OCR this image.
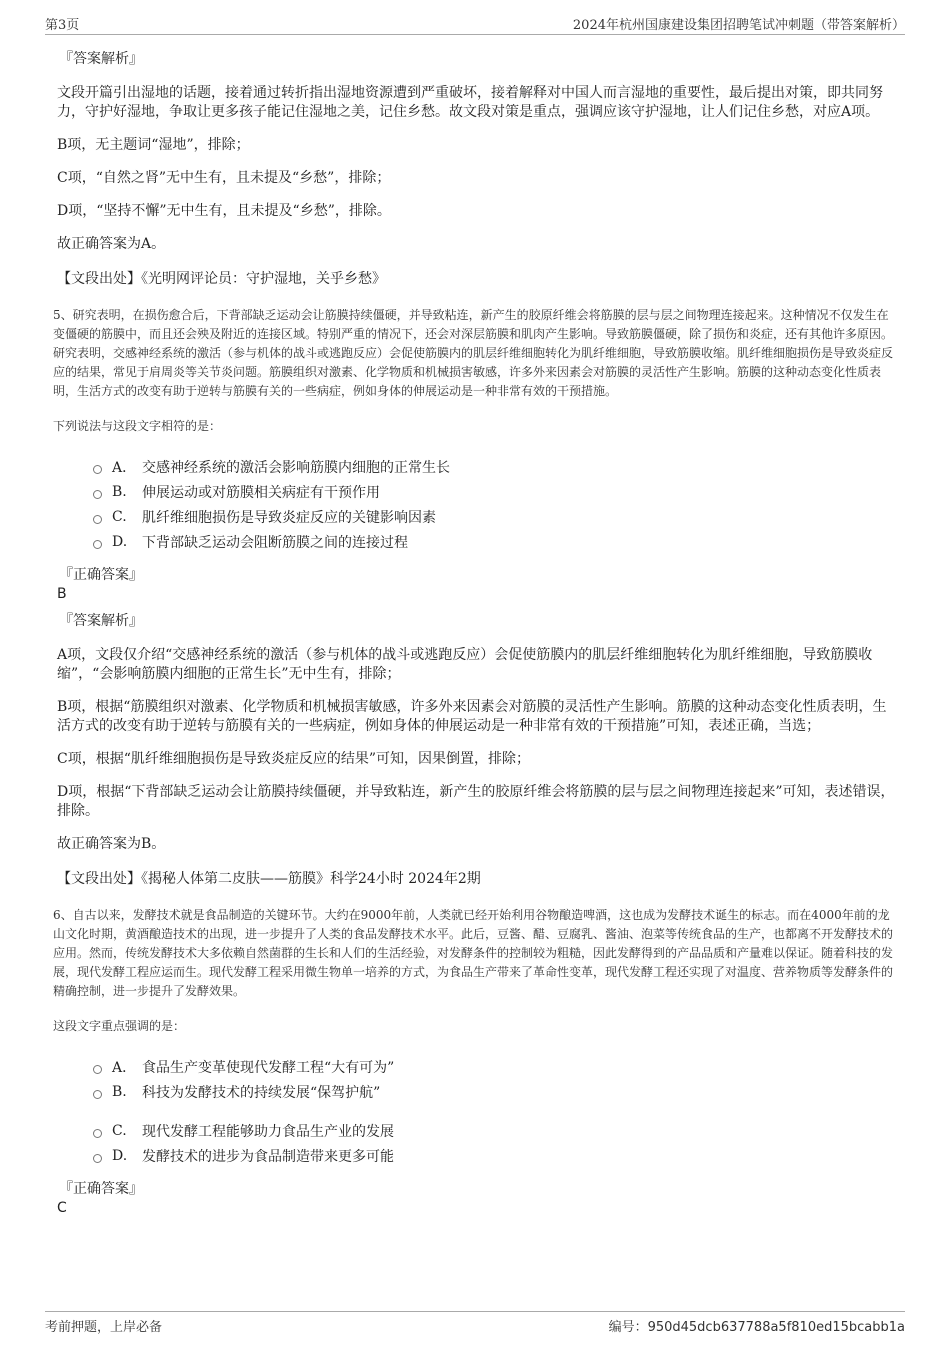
第3页	2024年杭州国康建设集团招聘笔试冲刺题（带答案解析）
『答案解析』
文段开篇引出湿地的话题，接着通过转折指出湿地资源遭到严重破坏，接着解释对中国人而言湿地的重要性，最后提出对策，即共同努力，守护好湿地，争取让更多孩子能记住湿地之美，记住乡愁。故文段对策是重点，强调应该守护湿地，让人们记住乡愁，对应A项。
B项，无主题词“湿地”，排除；
C项，“自然之肾”无中生有，且未提及“乡愁”，排除；
D项，“坚持不懈”无中生有，且未提及“乡愁”，排除。
故正确答案为A。
【文段出处】《光明网评论员：守护湿地，关乎乡愁》
5、研究表明，在损伤愈合后，下背部缺乏运动会让筋膜持续僵硬，并导致粘连，新产生的胶原纤维会将筋膜的层与层之间物理连接起来。这种情况不仅发生在变僵硬的筋膜中，而且还会殃及附近的连接区域。特别严重的情况下，还会对深层筋膜和肌肉产生影响。导致筋膜僵硬，除了损伤和炎症，还有其他许多原因。研究表明，交感神经系统的激活（参与机体的战斗或逃跑反应）会促使筋膜内的肌层纤维细胞转化为肌纤维细胞，导致筋膜收缩。肌纤维细胞损伤是导致炎症反应的结果，常见于肩周炎等关节炎问题。筋膜组织对激素、化学物质和机械损害敏感，许多外来因素会对筋膜的灵活性产生影响。筋膜的这种动态变化性质表明，生活方式的改变有助于逆转与筋膜有关的一些病症，例如身体的伸展运动是一种非常有效的干预措施。
下列说法与这段文字相符的是：
A． 交感神经系统的激活会影响筋膜内细胞的正常生长
B.	伸展运动或对筋膜相关病症有干预作用
C.	肌纤维细胞损伤是导致炎症反应的关键影响因素
D.	下背部缺乏运动会阻断筋膜之间的连接过程
『正确答案』
B
『答案解析』
A项，文段仅介绍“交感神经系统的激活（参与机体的战斗或逃跑反应）会促使筋膜内的肌层纤维细胞转化为肌纤维细胞，导致筋膜收缩”，“会影响筋膜内细胞的正常生长”无中生有，排除；
B项，根据“筋膜组织对激素、化学物质和机械损害敏感，许多外来因素会对筋膜的灵活性产生影响。筋膜的这种动态变化性质表明，生活方式的改变有助于逆转与筋膜有关的一些病症，例如身体的伸展运动是一种非常有效的干预措施”可知，表述正确，当选；
C项，根据“肌纤维细胞损伤是导致炎症反应的结果”可知，因果倒置，排除；
D项，根据“下背部缺乏运动会让筋膜持续僵硬，并导致粘连，新产生的胶原纤维会将筋膜的层与层之间物理连接起来”可知，表述错误，排除。
故正确答案为B。
【文段出处】《揭秘人体第二皮肤——筋膜》科学24小时 2024年2期
6、自古以来，发酵技术就是食品制造的关键环节。大约在9000年前，人类就已经开始利用谷物酿造啤酒，这也成为发酵技术诞生的标志。而在4000年前的龙山文化时期，黄酒酿造技术的出现，进一步提升了人类的食品发酵技术水平。此后，豆酱、醋、豆腐乳、酱油、泡菜等传统食品的生产，也都离不开发酵技术的应用。然而，传统发酵技术大多依赖自然菌群的生长和人们的生活经验，对发酵条件的控制较为粗糙，因此发酵得到的产品品质和产量难以保证。随着科技的发展，现代发酵工程应运而生。现代发酵工程采用微生物单一培养的方式，为食品生产带来了革命性变革，现代发酵工程还实现了对温度、营养物质等发酵条件的精确控制，进一步提升了发酵效果。
这段文字重点强调的是：
A． 食品生产变革使现代发酵工程“大有可为”
B.	科技为发酵技术的持续发展“保驾护航”
C.	现代发酵工程能够助力食品生产业的发展
D.	发酵技术的进步为食品制造带来更多可能
『正确答案』
C
考前押题，上岸必备	编号：950d45dcb637788a5f810ed15bcabb1a
